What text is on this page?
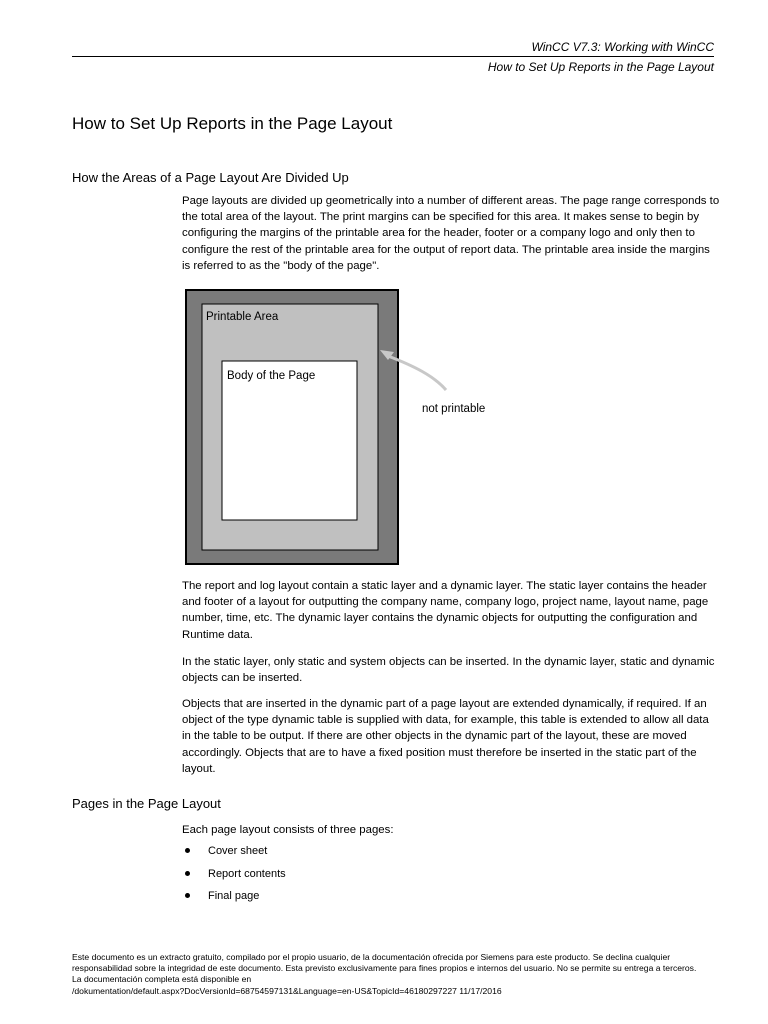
WinCC V7.3: Working with WinCC
How to Set Up Reports in the Page Layout
How to Set Up Reports in the Page Layout
How the Areas of a Page Layout Are Divided Up

Page layouts are divided up geometrically into a number of different areas. The page range corresponds to the total area of the layout. The print margins can be specified for this area. It makes sense to begin by configuring the margins of the printable area for the header, footer or a company logo and only then to configure the rest of the printable area for the output of report data. The printable area inside the margins is referred to as the "body of the page".

Printable Area
Body of the Page
not printable

The report and log layout contain a static layer and a dynamic layer. The static layer contains the header and footer of a layout for outputting the company name, company logo, project name, layout name, page number, time, etc. The dynamic layer contains the dynamic objects for outputting the configuration and Runtime data.

In the static layer, only static and system objects can be inserted. In the dynamic layer, static and dynamic objects can be inserted.

Objects that are inserted in the dynamic part of a page layout are extended dynamically, if required. If an object of the type dynamic table is supplied with data, for example, this table is extended to allow all data in the table to be output. If there are other objects in the dynamic part of the layout, these are moved accordingly. Objects that are to have a fixed position must therefore be inserted in the static part of the layout.

Pages in the Page Layout

Each page layout consists of three pages:

Cover sheet
Report contents
Final page
Este documento es un extracto gratuito, compilado por el propio usuario, de la documentación ofrecida por Siemens para este producto. Se declina cualquier
responsabilidad sobre la integridad de este documento. Esta previsto exclusivamente para fines propios e internos del usuario. No se permite su entrega a terceros.
La documentación completa está disponible en
/dokumentation/default.aspx?DocVersionId=68754597131&Language=en-US&TopicId=46180297227 11/17/2016
